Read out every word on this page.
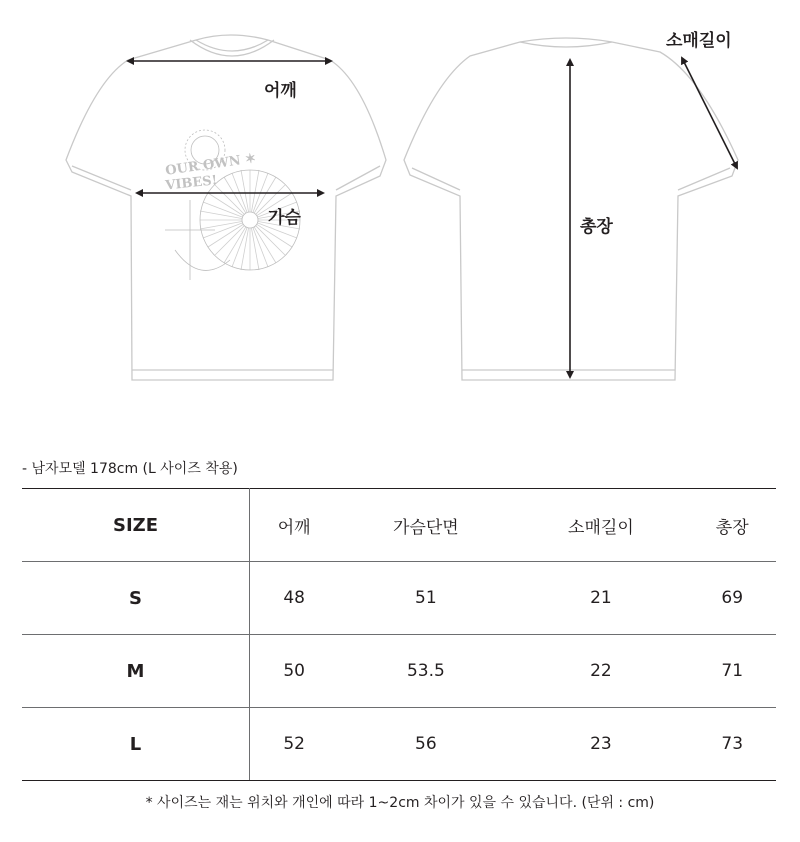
OUR OWN ✶
VIBES!
어깨
가슴	총장
소매길이
- 남자모델 178cm (L 사이즈 착용)
SIZE	어깨	가슴단면	소매길이	총장
S	48	51	21	69
M	50	53.5	22	71
L	52	56	23	73
* 사이즈는 재는 위치와 개인에 따라 1~2cm 차이가 있을 수 있습니다. (단위 : cm)
